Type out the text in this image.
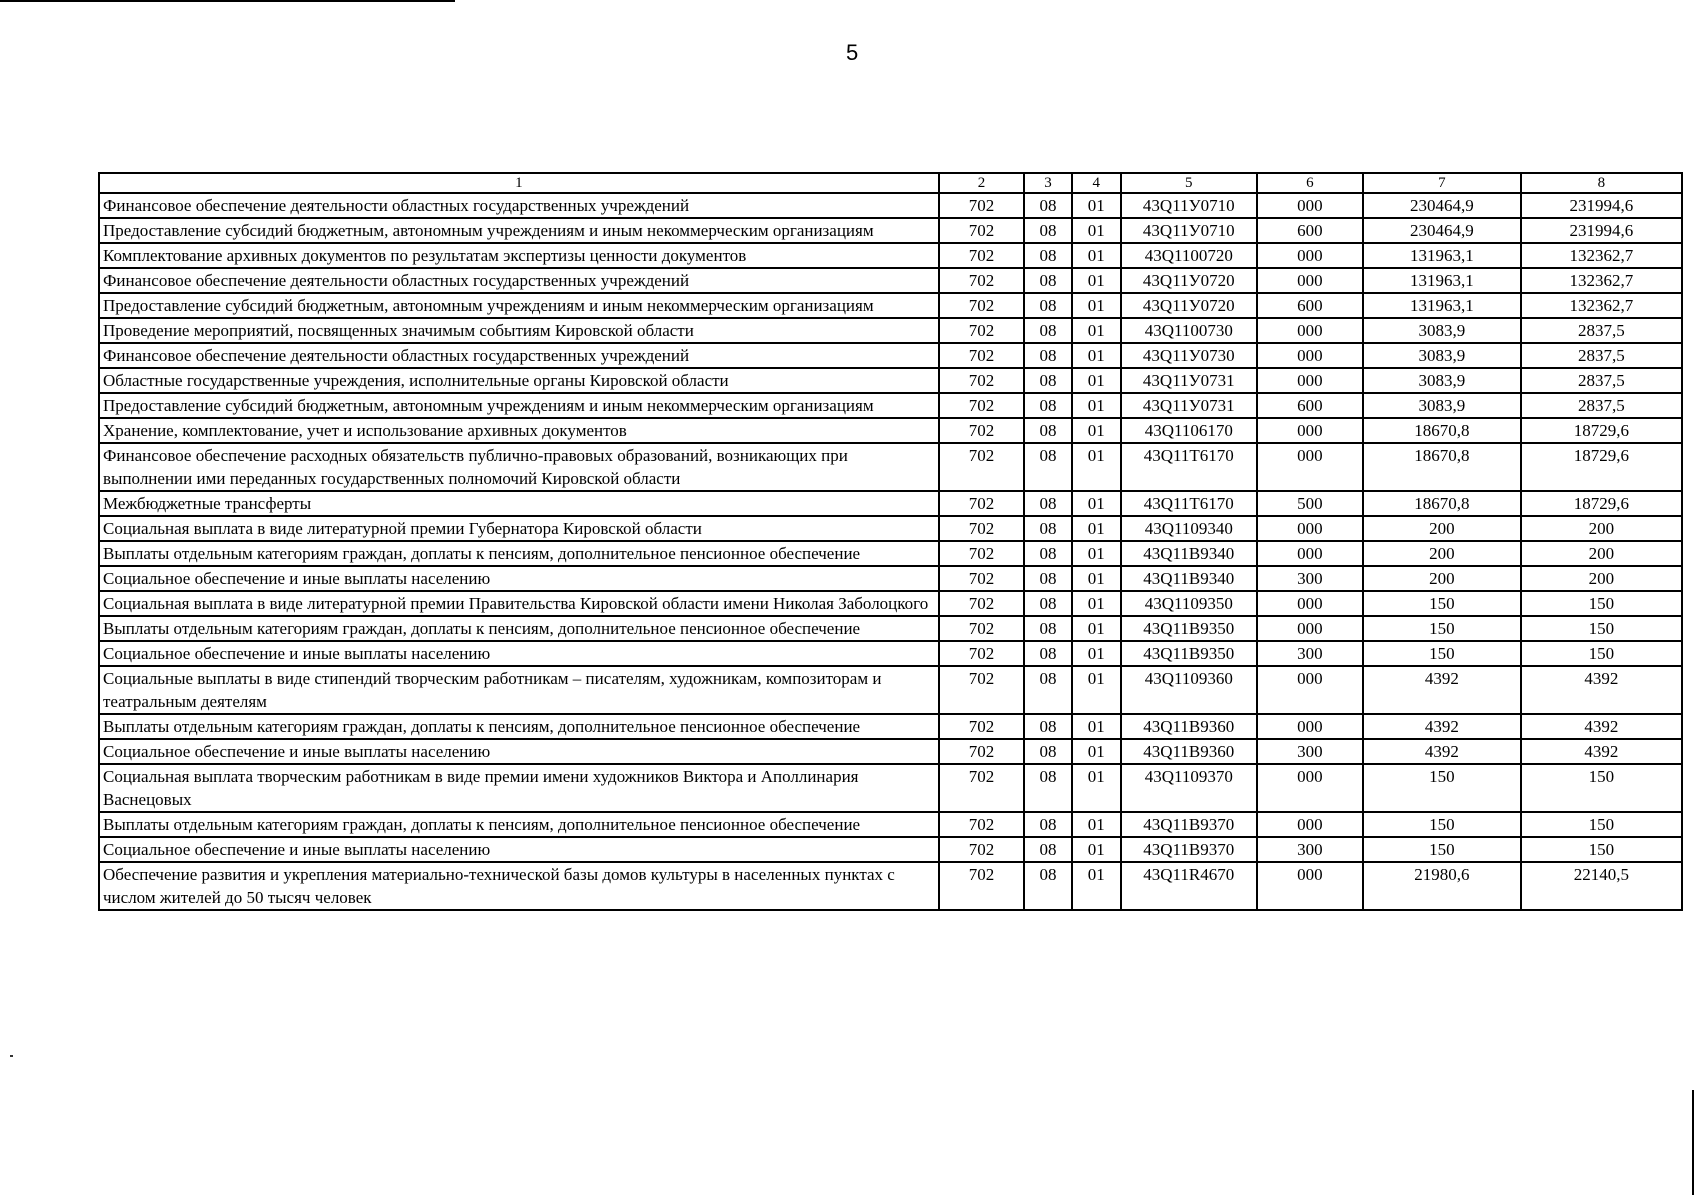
5
1	2	3	4	5	6	7	8
Финансовое обеспечение деятельности областных государственных учреждений	702	08	01	43Q11У0710	000	230464,9	231994,6
Предоставление субсидий бюджетным, автономным учреждениям и иным некоммерческим организациям	702	08	01	43Q11У0710	600	230464,9	231994,6
Комплектование архивных документов по результатам экспертизы ценности документов	702	08	01	43Q1100720	000	131963,1	132362,7
Финансовое обеспечение деятельности областных государственных учреждений	702	08	01	43Q11У0720	000	131963,1	132362,7
Предоставление субсидий бюджетным, автономным учреждениям и иным некоммерческим организациям	702	08	01	43Q11У0720	600	131963,1	132362,7
Проведение мероприятий, посвященных значимым событиям Кировской области	702	08	01	43Q1100730	000	3083,9	2837,5
Финансовое обеспечение деятельности областных государственных учреждений	702	08	01	43Q11У0730	000	3083,9	2837,5
Областные государственные учреждения, исполнительные органы Кировской области	702	08	01	43Q11У0731	000	3083,9	2837,5
Предоставление субсидий бюджетным, автономным учреждениям и иным некоммерческим организациям	702	08	01	43Q11У0731	600	3083,9	2837,5
Хранение, комплектование, учет и использование архивных документов	702	08	01	43Q1106170	000	18670,8	18729,6
Финансовое обеспечение расходных обязательств публично-правовых образований, возникающих при выполнении ими переданных государственных полномочий Кировской области	702	08	01	43Q11Т6170	000	18670,8	18729,6
Межбюджетные трансферты	702	08	01	43Q11Т6170	500	18670,8	18729,6
Социальная выплата в виде литературной премии Губернатора Кировской области	702	08	01	43Q1109340	000	200	200
Выплаты отдельным категориям граждан, доплаты к пенсиям, дополнительное пенсионное обеспечение	702	08	01	43Q11В9340	000	200	200
Социальное обеспечение и иные выплаты населению	702	08	01	43Q11В9340	300	200	200
Социальная выплата в виде литературной премии Правительства Кировской области имени Николая Заболоцкого	702	08	01	43Q1109350	000	150	150
Выплаты отдельным категориям граждан, доплаты к пенсиям, дополнительное пенсионное обеспечение	702	08	01	43Q11В9350	000	150	150
Социальное обеспечение и иные выплаты населению	702	08	01	43Q11В9350	300	150	150
Социальные выплаты в виде стипендий творческим работникам – писателям, художникам, композиторам и театральным деятелям	702	08	01	43Q1109360	000	4392	4392
Выплаты отдельным категориям граждан, доплаты к пенсиям, дополнительное пенсионное обеспечение	702	08	01	43Q11В9360	000	4392	4392
Социальное обеспечение и иные выплаты населению	702	08	01	43Q11В9360	300	4392	4392
Социальная выплата творческим работникам в виде премии имени художников Виктора и Аполлинария Васнецовых	702	08	01	43Q1109370	000	150	150
Выплаты отдельным категориям граждан, доплаты к пенсиям, дополнительное пенсионное обеспечение	702	08	01	43Q11В9370	000	150	150
Социальное обеспечение и иные выплаты населению	702	08	01	43Q11В9370	300	150	150
Обеспечение развития и укрепления материально-технической базы домов культуры в населенных пунктах с числом жителей до 50 тысяч человек	702	08	01	43Q11R4670	000	21980,6	22140,5
